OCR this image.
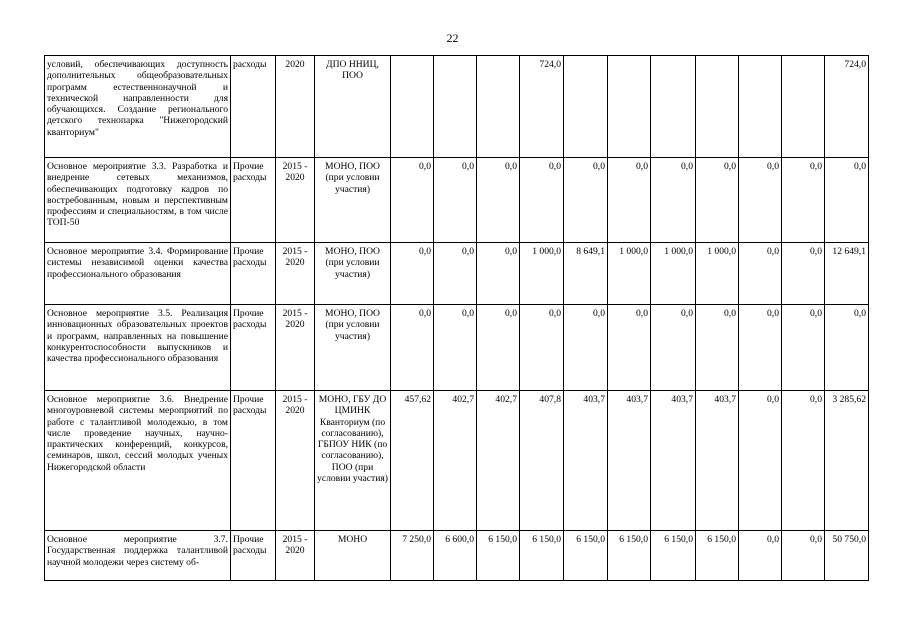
22
условий, обеспечивающих доступность дополнительных общеобразовательных программ естественнонаучной и технической направленности для обучающихся. Создание регионального детского технопарка "Нижегородский кванториум"	расходы	2020	ДПО ННИЦ, ПОО				724,0							724,0
Основное мероприятие 3.3. Разработка и внедрение сетевых механизмов, обеспечивающих подготовку кадров по востребованным, новым и перспективным профессиям и специальностям, в том числе ТОП-50	Прочие расходы	2015 - 2020	МОНО, ПОО (при условии участия)	0,0	0,0	0,0	0,0	0,0	0,0	0,0	0,0	0,0	0,0	0,0
Основное мероприятие 3.4. Формирование системы независимой оценки качества профессионального образования	Прочие расходы	2015 - 2020	МОНО, ПОО (при условии участия)	0,0	0,0	0,0	1 000,0	8 649,1	1 000,0	1 000,0	1 000,0	0,0	0,0	12 649,1
Основное мероприятие 3.5. Реализация инновационных образовательных проектов и программ, направленных на повышение конкурентоспособности выпускников и качества профессионального образования	Прочие расходы	2015 - 2020	МОНО, ПОО (при условии участия)	0,0	0,0	0,0	0,0	0,0	0,0	0,0	0,0	0,0	0,0	0,0
Основное мероприятие 3.6. Внедрение многоуровневой системы мероприятий по работе с талантливой молодежью, в том числе проведение научных, научно-практических конференций, конкурсов, семинаров, школ, сессий молодых ученых Нижегородской области	Прочие расходы	2015 - 2020	МОНО, ГБУ ДО ЦМИНК Кванториум (по согласованию), ГБПОУ НИК (по согласованию), ПОО (при условии участия)	457,62	402,7	402,7	407,8	403,7	403,7	403,7	403,7	0,0	0,0	3 285,62
Основное мероприятие 3.7. Государственная поддержка талантливой научной молодежи через систему об-	Прочие расходы	2015 - 2020	МОНО	7 250,0	6 600,0	6 150,0	6 150,0	6 150,0	6 150,0	6 150,0	6 150,0	0,0	0,0	50 750,0
